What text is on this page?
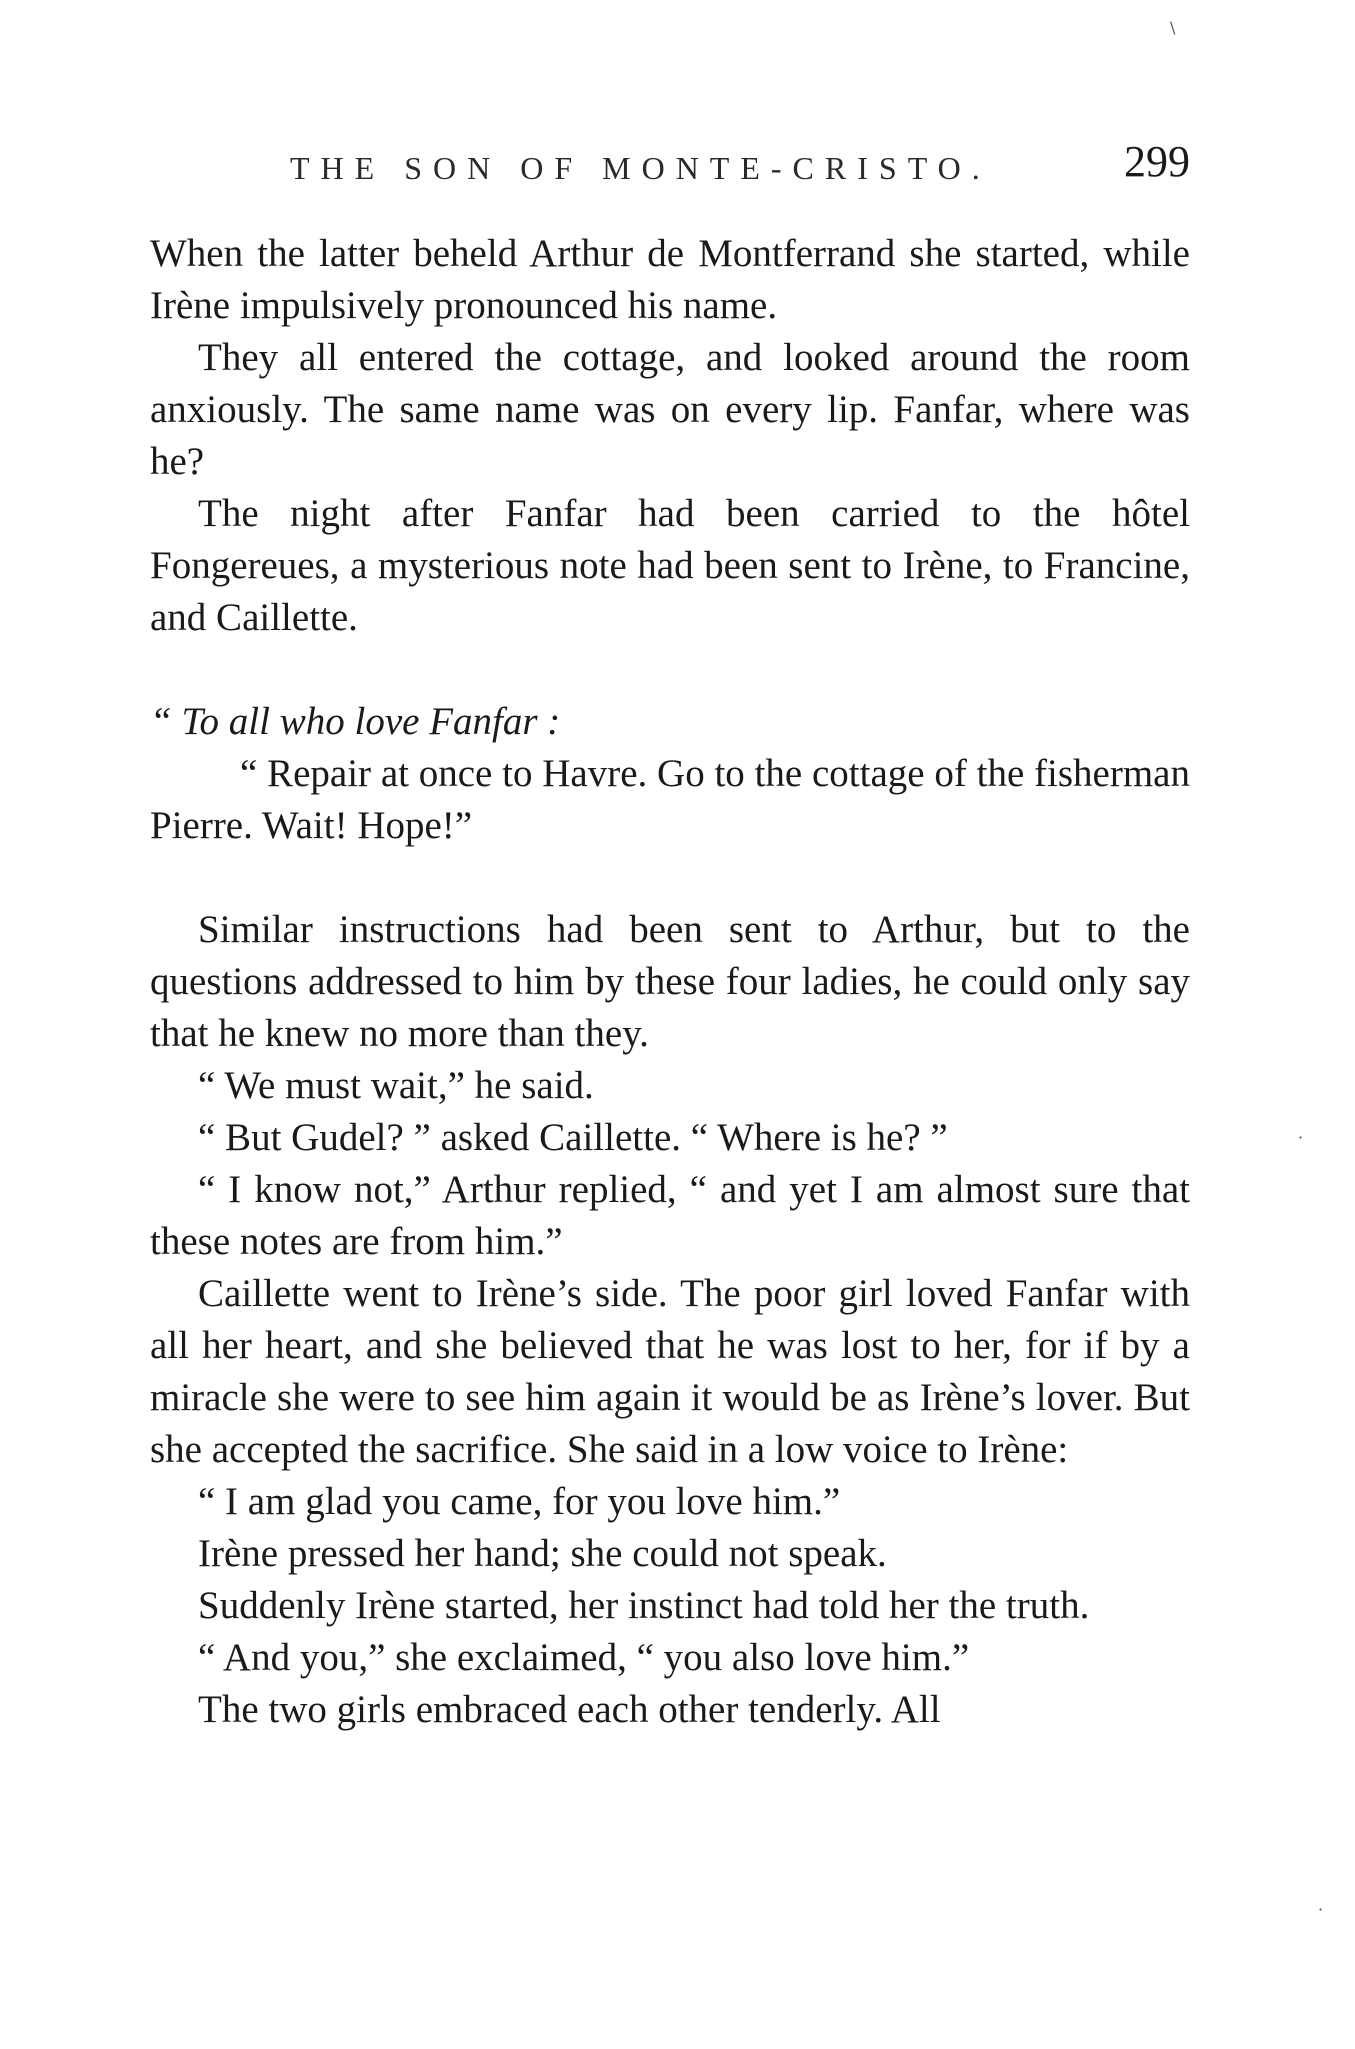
THE SON OF MONTE-CRISTO.	299

When the latter beheld Arthur de Montferrand she started, while Irène impulsively pronounced his name.

They all entered the cottage, and looked around the room anxiously. The same name was on every lip. Fanfar, where was he?

The night after Fanfar had been carried to the hôtel Fongereues, a mysterious note had been sent to Irène, to Francine, and Caillette.

“ To all who love Fanfar :

“ Repair at once to Havre. Go to the cottage of the fisherman Pierre. Wait! Hope!”

Similar instructions had been sent to Arthur, but to the questions addressed to him by these four ladies, he could only say that he knew no more than they.

“ We must wait,” he said.

“ But Gudel? ” asked Caillette. “ Where is he? ”

“ I know not,” Arthur replied, “ and yet I am almost sure that these notes are from him.”

Caillette went to Irène’s side. The poor girl loved Fanfar with all her heart, and she believed that he was lost to her, for if by a miracle she were to see him again it would be as Irène’s lover. But she accepted the sacrifice. She said in a low voice to Irène:

“ I am glad you came, for you love him.”

Irène pressed her hand; she could not speak.

Suddenly Irène started, her instinct had told her the truth.

“ And you,” she exclaimed, “ you also love him.”

The two girls embraced each other tenderly. All

\
·
·
